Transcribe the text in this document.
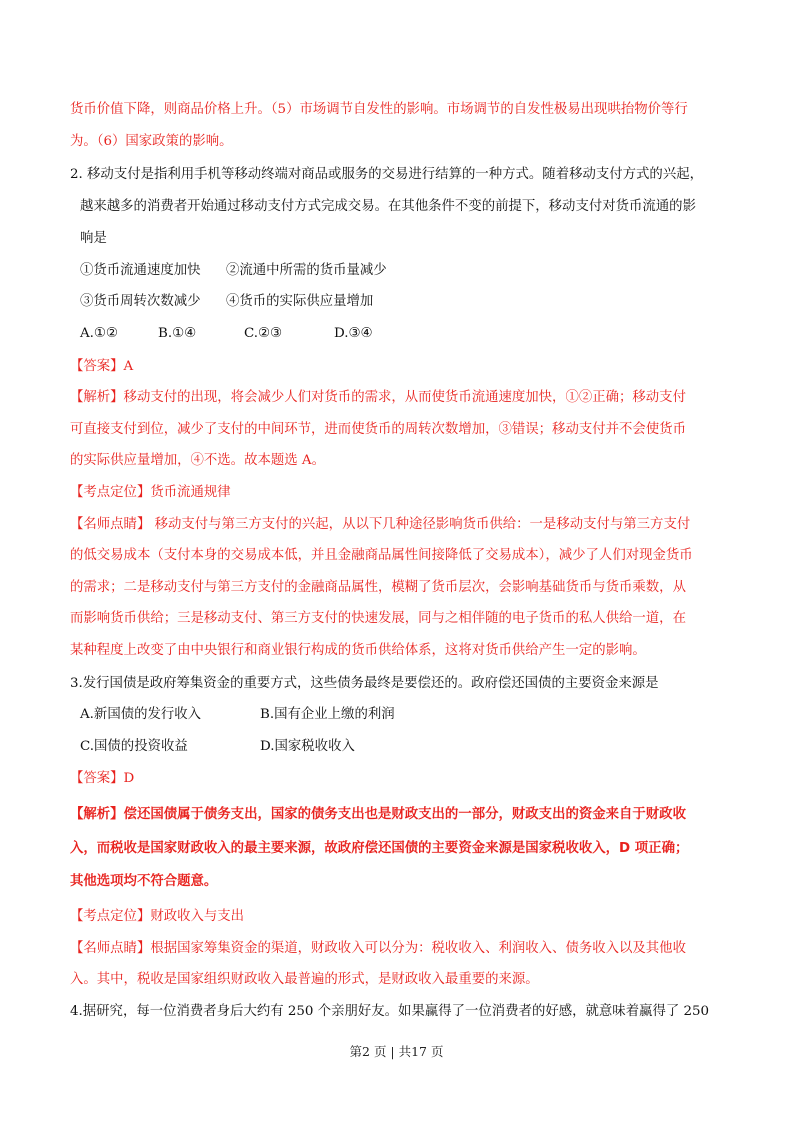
货币价值下降，则商品价格上升。（5）市场调节自发性的影响。市场调节的自发性极易出现哄抬物价等行
为。（6）国家政策的影响。
2. 移动支付是指利用手机等移动终端对商品或服务的交易进行结算的一种方式。随着移动支付方式的兴起，
越来越多的消费者开始通过移动支付方式完成交易。在其他条件不变的前提下，移动支付对货币流通的影
响是
①货币流通速度加快 ②流通中所需的货币量减少
③货币周转次数减少 ④货币的实际供应量增加
A.①②	B.①④	C.②③	D.③④
【答案】A
【解析】移动支付的出现，将会减少人们对货币的需求，从而使货币流通速度加快，①②正确；移动支付
可直接支付到位，减少了支付的中间环节，进而使货币的周转次数增加，③错误；移动支付并不会使货币
的实际供应量增加，④不选。故本题选 A。
【考点定位】货币流通规律
【名师点睛】 移动支付与第三方支付的兴起，从以下几种途径影响货币供给：一是移动支付与第三方支付
的低交易成本（支付本身的交易成本低，并且金融商品属性间接降低了交易成本），减少了人们对现金货币
的需求；二是移动支付与第三方支付的金融商品属性，模糊了货币层次，会影响基础货币与货币乘数，从
而影响货币供给；三是移动支付、第三方支付的快速发展，同与之相伴随的电子货币的私人供给一道，在
某种程度上改变了由中央银行和商业银行构成的货币供给体系，这将对货币供给产生一定的影响。
3.发行国债是政府筹集资金的重要方式，这些债务最终是要偿还的。政府偿还国债的主要资金来源是
A.新国债的发行收入	B.国有企业上缴的利润
C.国债的投资收益	D.国家税收收入
【答案】D
【解析】偿还国债属于债务支出，国家的债务支出也是财政支出的一部分，财政支出的资金来自于财政收
入，而税收是国家财政收入的最主要来源，故政府偿还国债的主要资金来源是国家税收收入，D 项正确；
其他选项均不符合题意。
【考点定位】财政收入与支出
【名师点睛】根据国家筹集资金的渠道，财政收入可以分为：税收收入、利润收入、债务收入以及其他收
入。其中，税收是国家组织财政收入最普遍的形式，是财政收入最重要的来源。
4.据研究，每一位消费者身后大约有 250 个亲朋好友。如果赢得了一位消费者的好感，就意味着赢得了 250
第2 页 | 共17 页
